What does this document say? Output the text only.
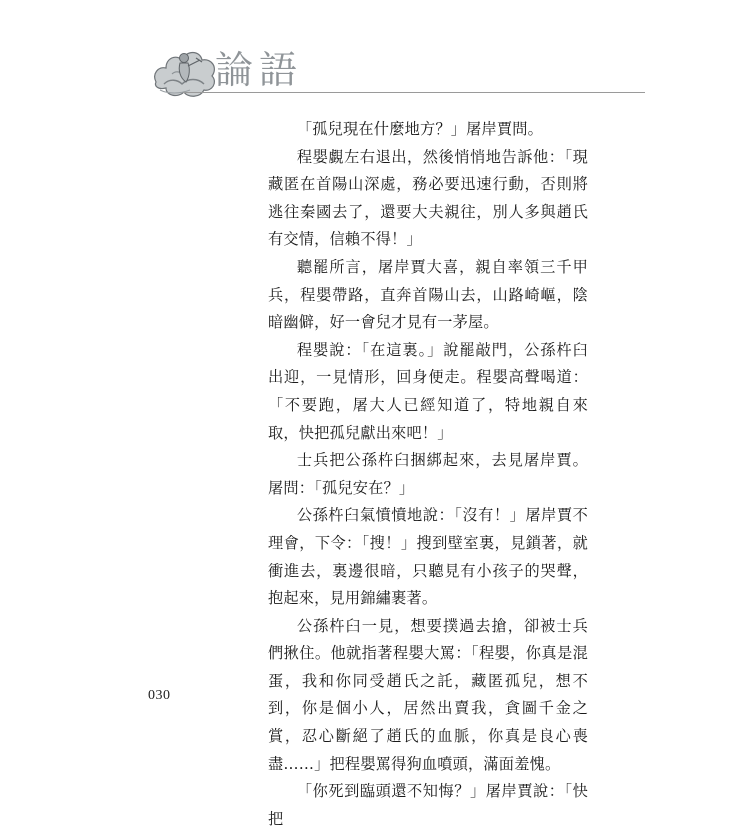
論語

「孤兒現在什麼地方？」屠岸賈問。

程嬰覷左右退出，然後悄悄地告訴他：「現藏匿在首陽山深處，務必要迅速行動，否則將逃往秦國去了，還要大夫親往，別人多與趙氏有交情，信賴不得！」

聽罷所言，屠岸賈大喜，親自率領三千甲兵，程嬰帶路，直奔首陽山去，山路崎嶇，陰暗幽僻，好一會兒才見有一茅屋。

程嬰說：「在這裏。」說罷敲門，公孫杵臼出迎，一見情形，回身便走。程嬰高聲喝道：「不要跑，屠大人已經知道了，特地親自來取，快把孤兒獻出來吧！」

士兵把公孫杵臼捆綁起來，去見屠岸賈。屠問：「孤兒安在？」

公孫杵臼氣憤憤地說：「沒有！」屠岸賈不理會，下令：「搜！」搜到壁室裏，見鎖著，就衝進去，裏邊很暗，只聽見有小孩子的哭聲，抱起來，見用錦繡裹著。

公孫杵臼一見，想要撲過去搶，卻被士兵們揪住。他就指著程嬰大罵：「程嬰，你真是混蛋，我和你同受趙氏之託，藏匿孤兒，想不到，你是個小人，居然出賣我，貪圖千金之賞，忍心斷絕了趙氏的血脈，你真是良心喪盡……」把程嬰罵得狗血噴頭，滿面羞愧。

「你死到臨頭還不知悔？」屠岸賈說：「快把

030
